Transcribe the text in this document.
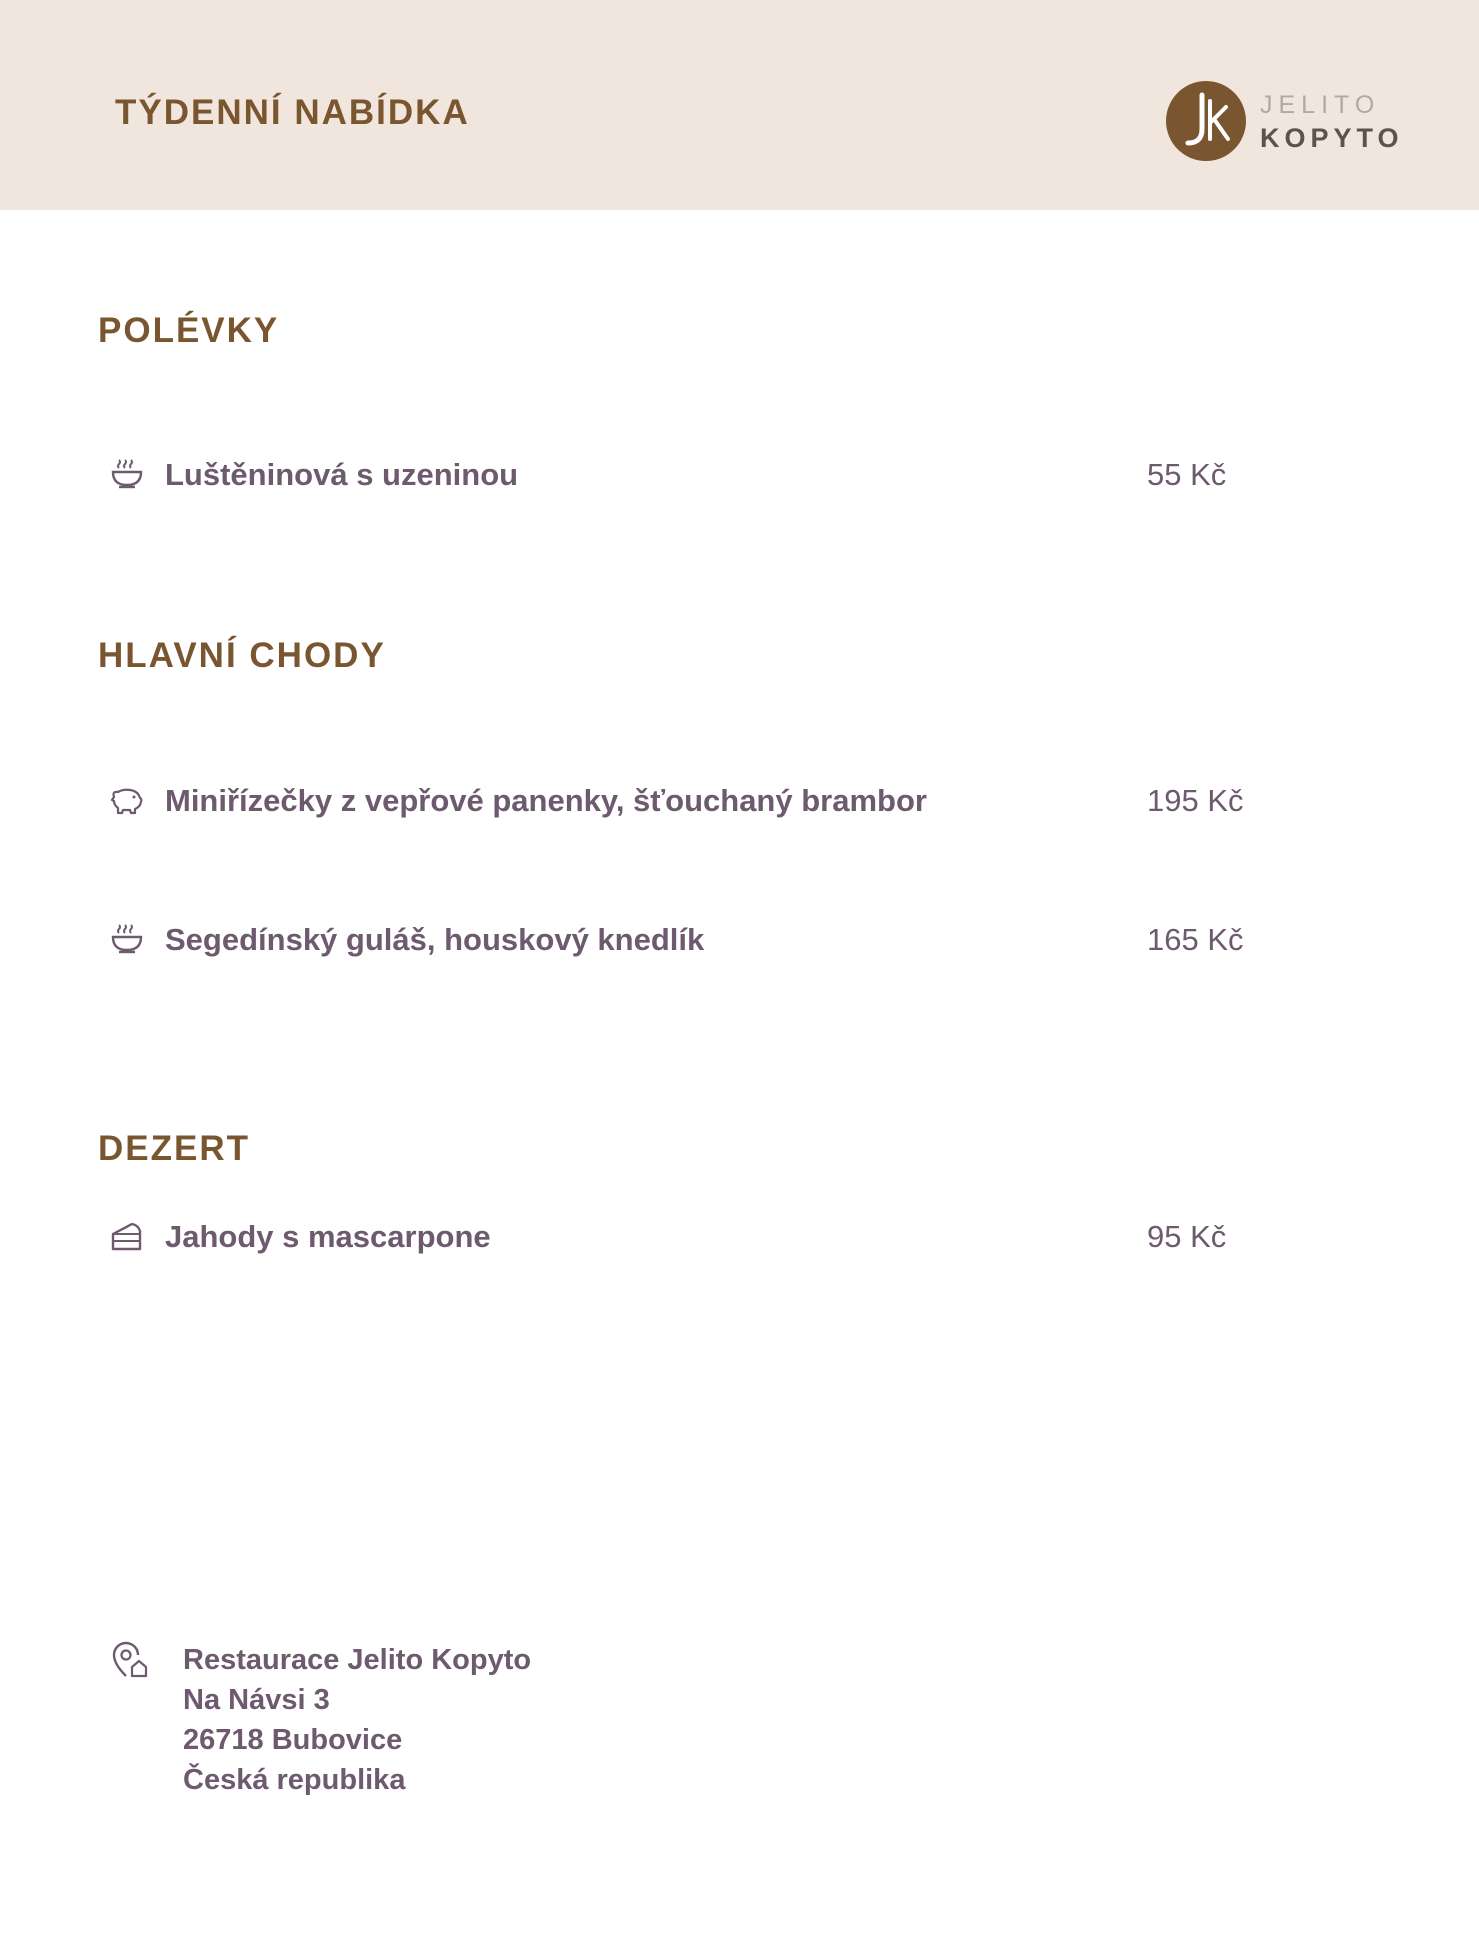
TÝDENNÍ NABÍDKA	JELITO
KOPYTO
POLÉVKY
Luštěninová s uzeninou	55 Kč
HLAVNÍ CHODY
Miniřízečky z vepřové panenky, šťouchaný brambor	195 Kč
Segedínský guláš, houskový knedlík	165 Kč
DEZERT
Jahody s mascarpone	95 Kč
Restaurace Jelito Kopyto
Na Návsi 3
26718 Bubovice
Česká republika
